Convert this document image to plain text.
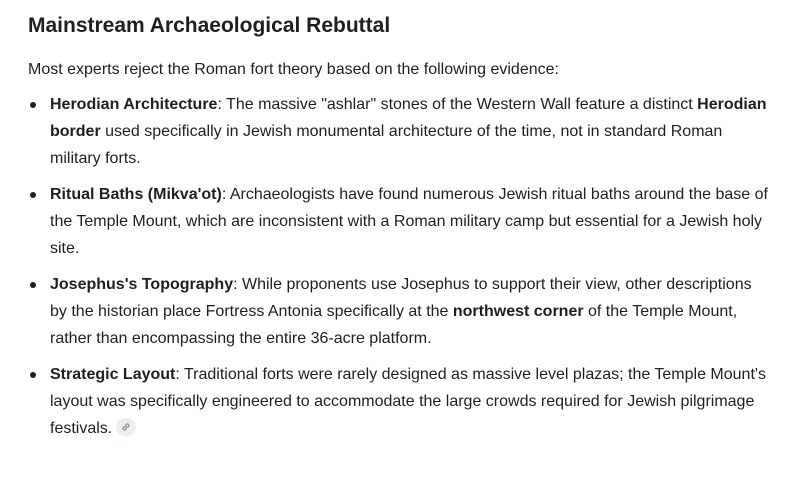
Mainstream Archaeological Rebuttal

Most experts reject the Roman fort theory based on the following evidence:

Herodian Architecture: The massive "ashlar" stones of the Western Wall feature a distinct Herodian border used specifically in Jewish monumental architecture of the time, not in standard Roman military forts.
Ritual Baths (Mikva'ot): Archaeologists have found numerous Jewish ritual baths around the base of the Temple Mount, which are inconsistent with a Roman military camp but essential for a Jewish holy site.
Josephus's Topography: While proponents use Josephus to support their view, other descriptions by the historian place Fortress Antonia specifically at the northwest corner of the Temple Mount, rather than encompassing the entire 36-acre platform.
Strategic Layout: Traditional forts were rarely designed as massive level plazas; the Temple Mount's layout was specifically engineered to accommodate the large crowds required for Jewish pilgrimage festivals.
